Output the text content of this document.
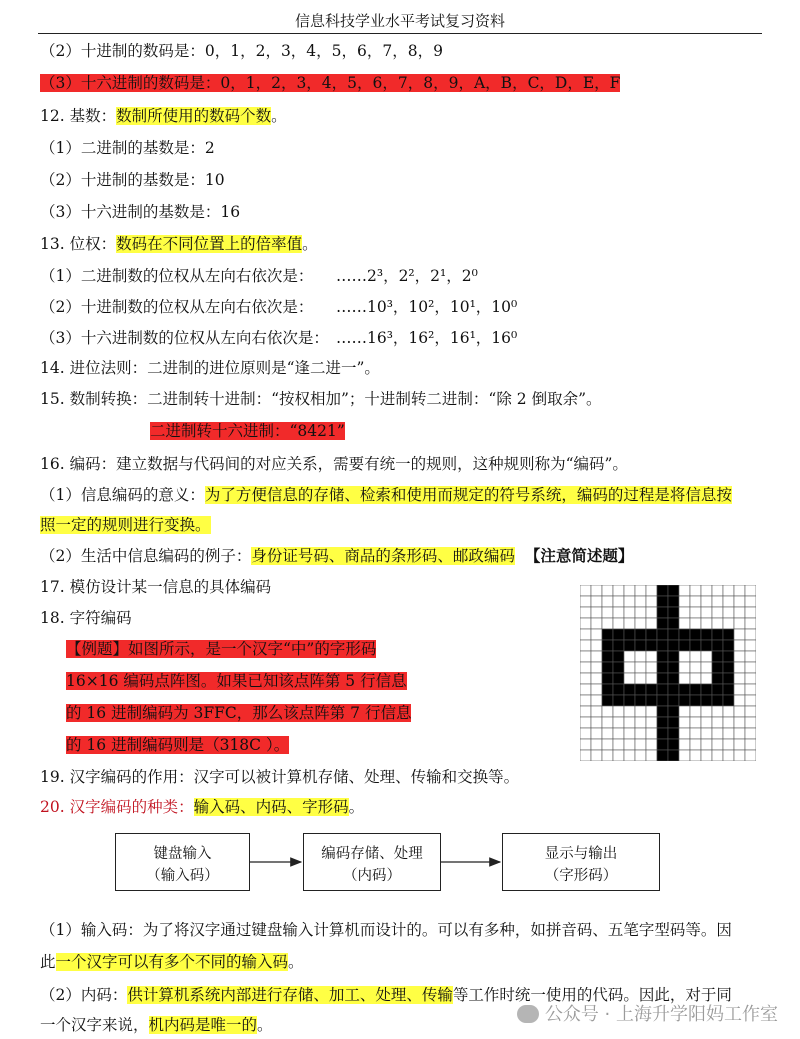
信息科技学业水平考试复习资料
（2）十进制的数码是：0，1，2，3，4，5，6，7，8，9
（3）十六进制的数码是：0，1，2，3，4，5，6，7，8，9，A，B，C，D，E，F
12. 基数：数制所使用的数码个数。
（1）二进制的基数是：2
（2）十进制的基数是：10
（3）十六进制的基数是：16
13. 位权：数码在不同位置上的倍率值。
（1）二进制数的位权从左向右依次是： ……2³，2²，2¹，2⁰
（2）十进制数的位权从左向右依次是： ……10³，10²，10¹，10⁰
（3）十六进制数的位权从左向右依次是： ……16³，16²，16¹，16⁰
14. 进位法则：二进制的进位原则是“逢二进一”。
15. 数制转换：二进制转十进制：“按权相加”；十进制转二进制：“除 2 倒取余”。
二进制转十六进制：“8421”
16. 编码：建立数据与代码间的对应关系，需要有统一的规则，这种规则称为“编码”。
（1）信息编码的意义：为了方便信息的存储、检索和使用而规定的符号系统，编码的过程是将信息按
照一定的规则进行变换。
（2）生活中信息编码的例子：身份证号码、商品的条形码、邮政编码 【注意简述题】
17. 模仿设计某一信息的具体编码
18. 字符编码
【例题】如图所示，是一个汉字“中”的字形码
16×16 编码点阵图。如果已知该点阵第 5 行信息
的 16 进制编码为 3FFC，那么该点阵第 7 行信息
的 16 进制编码则是（318C ）。
19. 汉字编码的作用：汉字可以被计算机存储、处理、传输和交换等。
20. 汉字编码的种类：输入码、内码、字形码。
键盘输入
（输入码）
编码存储、处理
（内码）
显示与输出
（字形码）
（1）输入码：为了将汉字通过键盘输入计算机而设计的。可以有多种，如拼音码、五笔字型码等。因
此一个汉字可以有多个不同的输入码。
（2）内码：供计算机系统内部进行存储、加工、处理、传输等工作时统一使用的代码。因此，对于同
一个汉字来说，机内码是唯一的。	公众号 · 上海升学阳妈工作室
